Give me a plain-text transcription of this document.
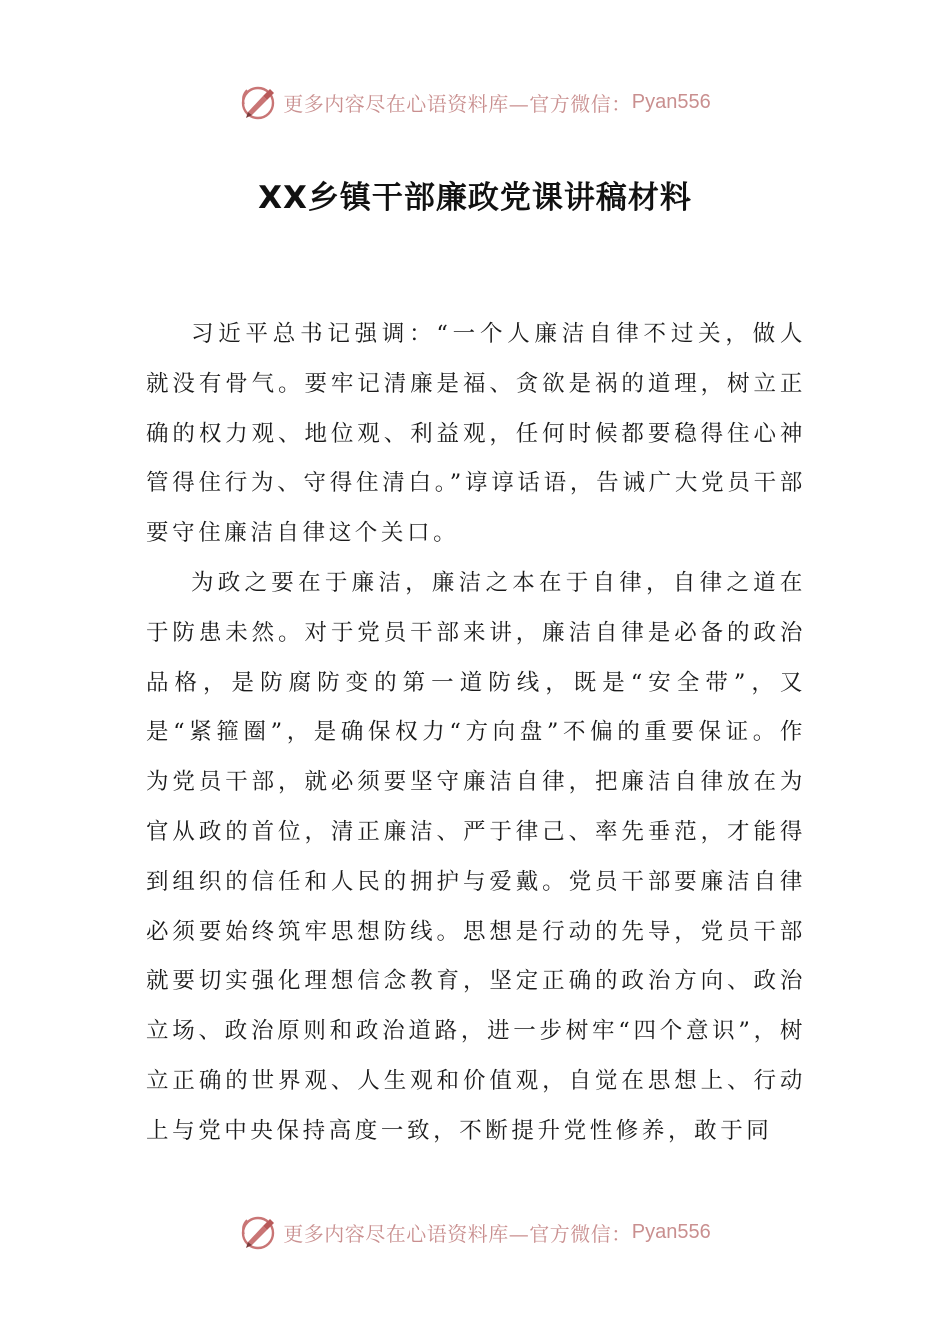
更多内容尽在心语资料库—官方微信： Pyan556
XX乡镇干部廉政党课讲稿材料

习近平总书记强调：“一个人廉洁自律不过关，做人就没有骨气。要牢记清廉是福、贪欲是祸的道理，树立正确的权力观、地位观、利益观，任何时候都要稳得住心神管得住行为、守得住清白。”谆谆话语，告诫广大党员干部要守住廉洁自律这个关口。

为政之要在于廉洁，廉洁之本在于自律，自律之道在于防患未然。对于党员干部来讲，廉洁自律是必备的政治品格，是防腐防变的第一道防线，既是“安全带”，又是“紧箍圈”，是确保权力“方向盘”不偏的重要保证。作为党员干部，就必须要坚守廉洁自律，把廉洁自律放在为官从政的首位，清正廉洁、严于律己、率先垂范，才能得到组织的信任和人民的拥护与爱戴。党员干部要廉洁自律必须要始终筑牢思想防线。思想是行动的先导，党员干部就要切实强化理想信念教育，坚定正确的政治方向、政治立场、政治原则和政治道路，进一步树牢“四个意识”，树立正确的世界观、人生观和价值观，自觉在思想上、行动上与党中央保持高度一致，不断提升党性修养，敢于同

更多内容尽在心语资料库—官方微信： Pyan556
